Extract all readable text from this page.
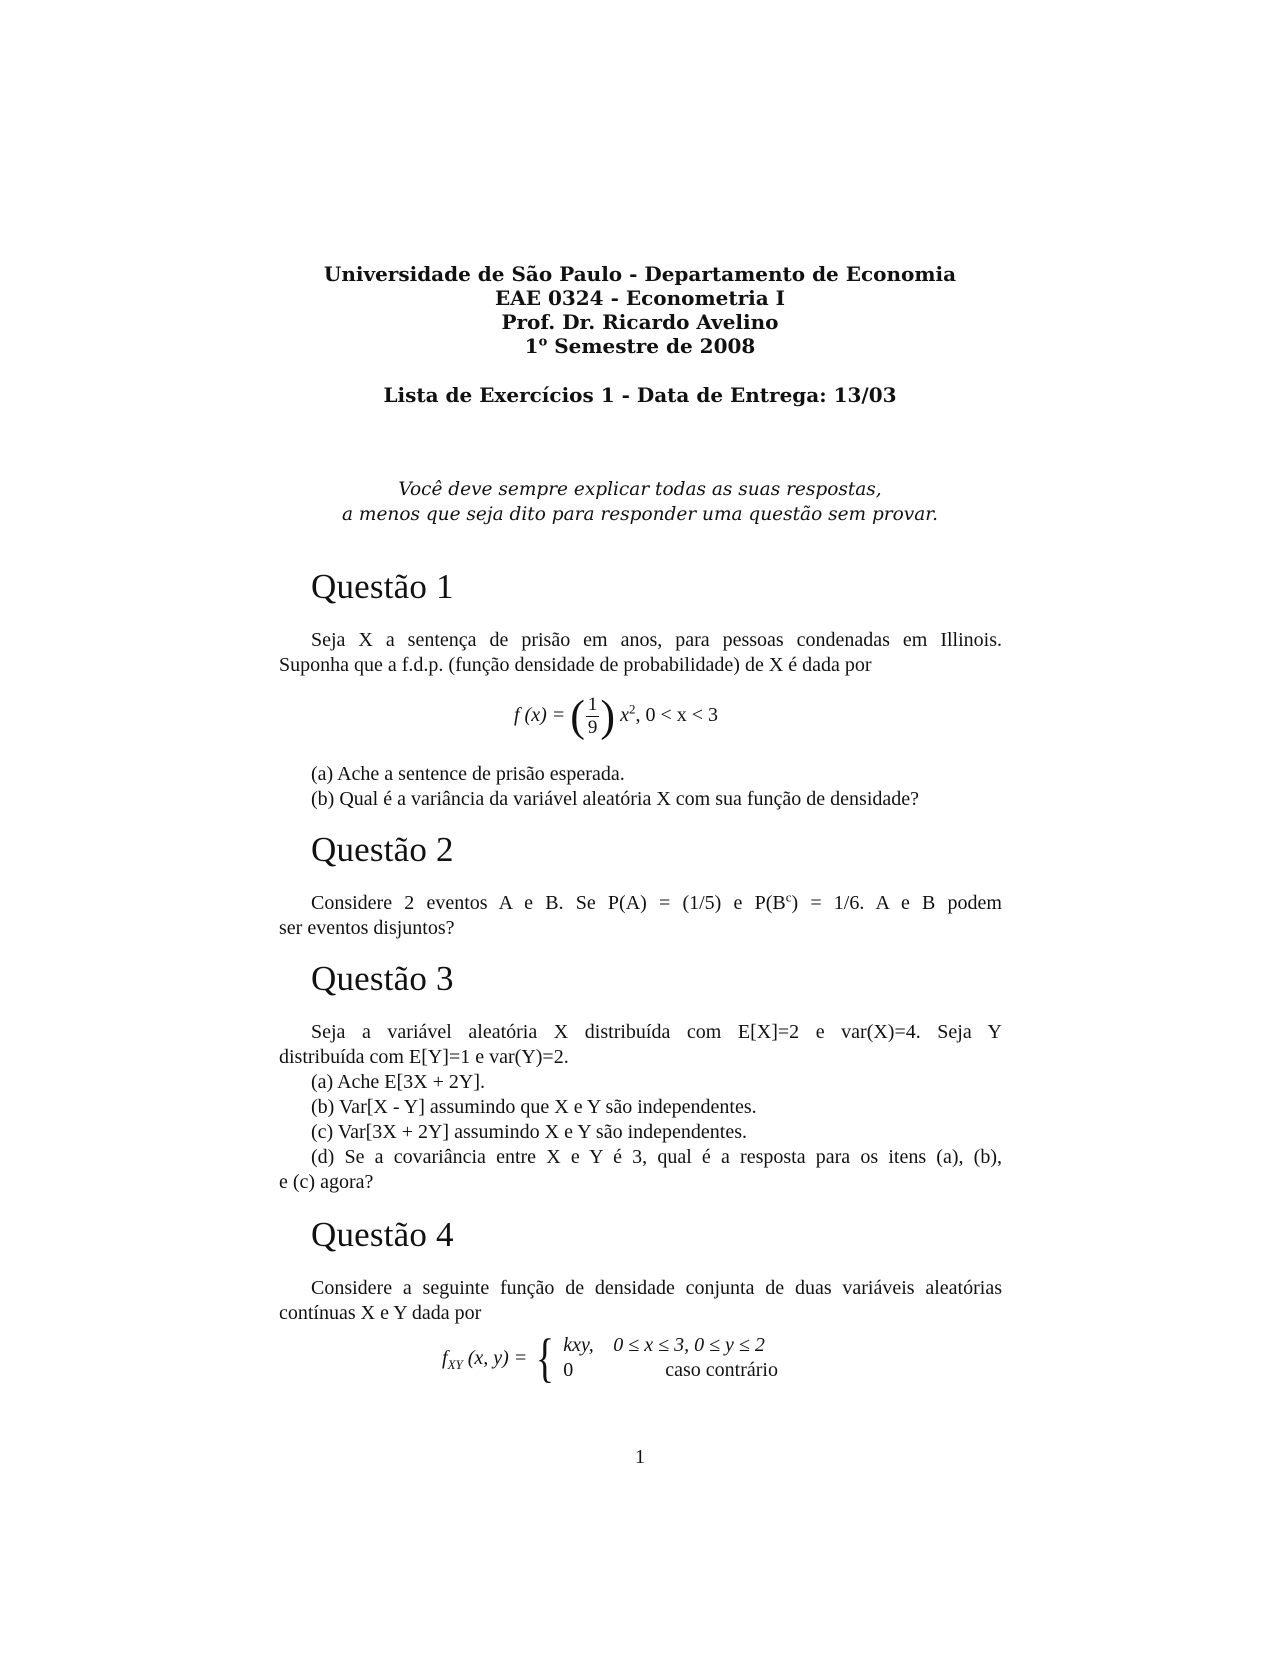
Universidade de São Paulo - Departamento de Economia
EAE 0324 - Econometria I
Prof. Dr. Ricardo Avelino
1$^o$ Semestre de 2008
Lista de Exercícios 1 - Data de Entrega: 13/03
Você deve sempre explicar todas as suas respostas,
a menos que seja dito para responder uma questão sem provar.
Questão 1
Seja X a sentença de prisão em anos, para pessoas condenadas em Illinois.
Suponha que a f.d.p. (função densidade de probabilidade) de X é dada por
f (x) = ( $\frac{1}{9}$ ) $x^2$, 0 < x < 3
(a) Ache a sentence de prisão esperada.
(b) Qual é a variância da variável aleatória X com sua função de densidade?
Questão 2
Considere 2 eventos A e B. Se P(A) = (1/5) e $P(B^c) = 1/6$. A e B podem
ser eventos disjuntos?
Questão 3
Seja a variável aleatória X distribuída com E[X]=2 e var(X)=4. Seja Y
distribuída com E[Y]=1 e var(Y)=2.
(a) Ache E[3X + 2Y].
(b) Var[X - Y] assumindo que X e Y são independentes.
(c) Var[3X + 2Y] assumindo X e Y são independentes.
(d) Se a covariância entre X e Y é 3, qual é a resposta para os itens (a), (b),
e (c) agora?
Questão 4
Considere a seguinte função de densidade conjunta de duas variáveis aleatórias
contínuas X e Y dada por
$f_{XY}$ (x, y) = { kxy, 0 ≤ x ≤ 3, 0 ≤ y ≤ 2
0	caso contrário
1
